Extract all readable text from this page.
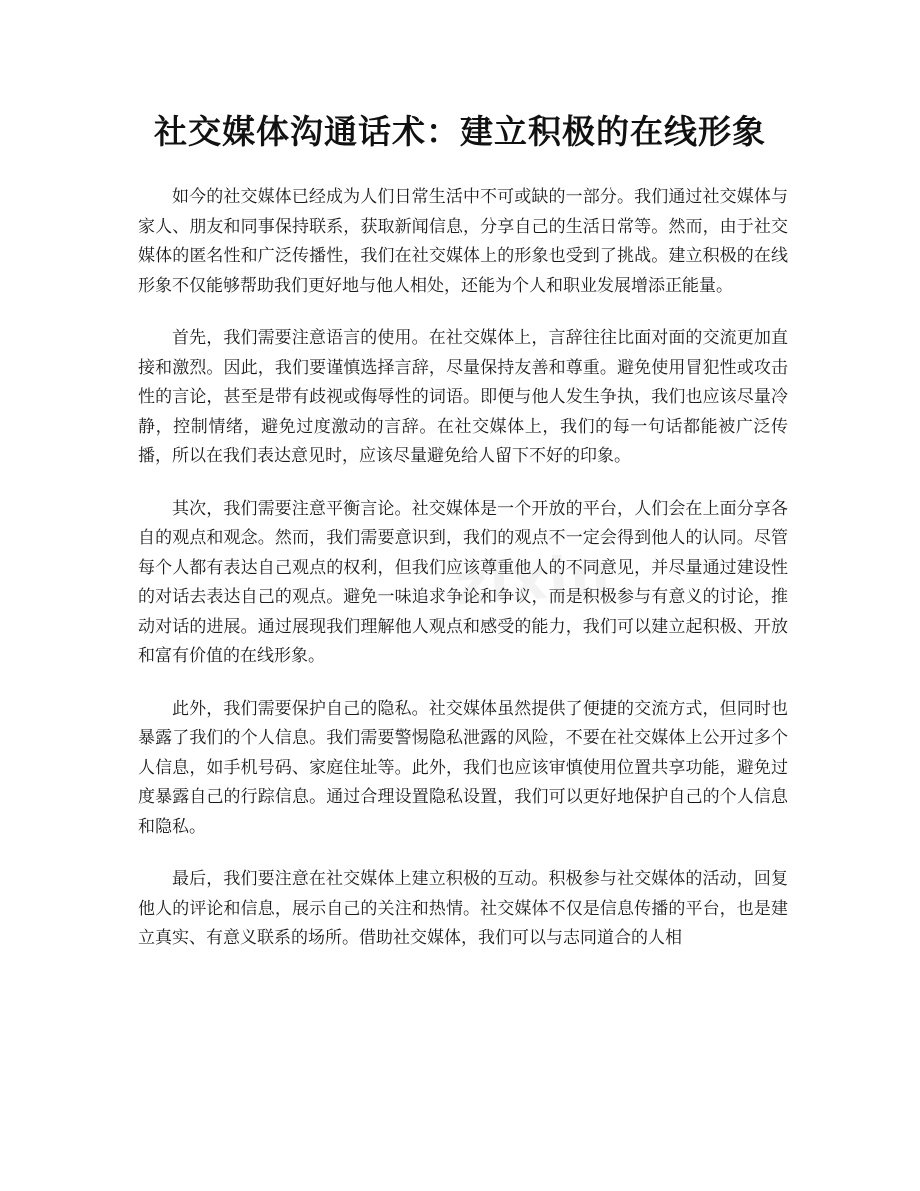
zixin
社交媒体沟通话术：建立积极的在线形象

如今的社交媒体已经成为人们日常生活中不可或缺的一部分。我们通过社交媒体与家人、朋友和同事保持联系，获取新闻信息，分享自己的生活日常等。然而，由于社交媒体的匿名性和广泛传播性，我们在社交媒体上的形象也受到了挑战。建立积极的在线形象不仅能够帮助我们更好地与他人相处，还能为个人和职业发展增添正能量。

首先，我们需要注意语言的使用。在社交媒体上，言辞往往比面对面的交流更加直接和激烈。因此，我们要谨慎选择言辞，尽量保持友善和尊重。避免使用冒犯性或攻击性的言论，甚至是带有歧视或侮辱性的词语。即便与他人发生争执，我们也应该尽量冷静，控制情绪，避免过度激动的言辞。在社交媒体上，我们的每一句话都能被广泛传播，所以在我们表达意见时，应该尽量避免给人留下不好的印象。

其次，我们需要注意平衡言论。社交媒体是一个开放的平台，人们会在上面分享各自的观点和观念。然而，我们需要意识到，我们的观点不一定会得到他人的认同。尽管每个人都有表达自己观点的权利，但我们应该尊重他人的不同意见，并尽量通过建设性的对话去表达自己的观点。避免一味追求争论和争议，而是积极参与有意义的讨论，推动对话的进展。通过展现我们理解他人观点和感受的能力，我们可以建立起积极、开放和富有价值的在线形象。

此外，我们需要保护自己的隐私。社交媒体虽然提供了便捷的交流方式，但同时也暴露了我们的个人信息。我们需要警惕隐私泄露的风险，不要在社交媒体上公开过多个人信息，如手机号码、家庭住址等。此外，我们也应该审慎使用位置共享功能，避免过度暴露自己的行踪信息。通过合理设置隐私设置，我们可以更好地保护自己的个人信息和隐私。

最后，我们要注意在社交媒体上建立积极的互动。积极参与社交媒体的活动，回复他人的评论和信息，展示自己的关注和热情。社交媒体不仅是信息传播的平台，也是建立真实、有意义联系的场所。借助社交媒体，我们可以与志同道合的人相
